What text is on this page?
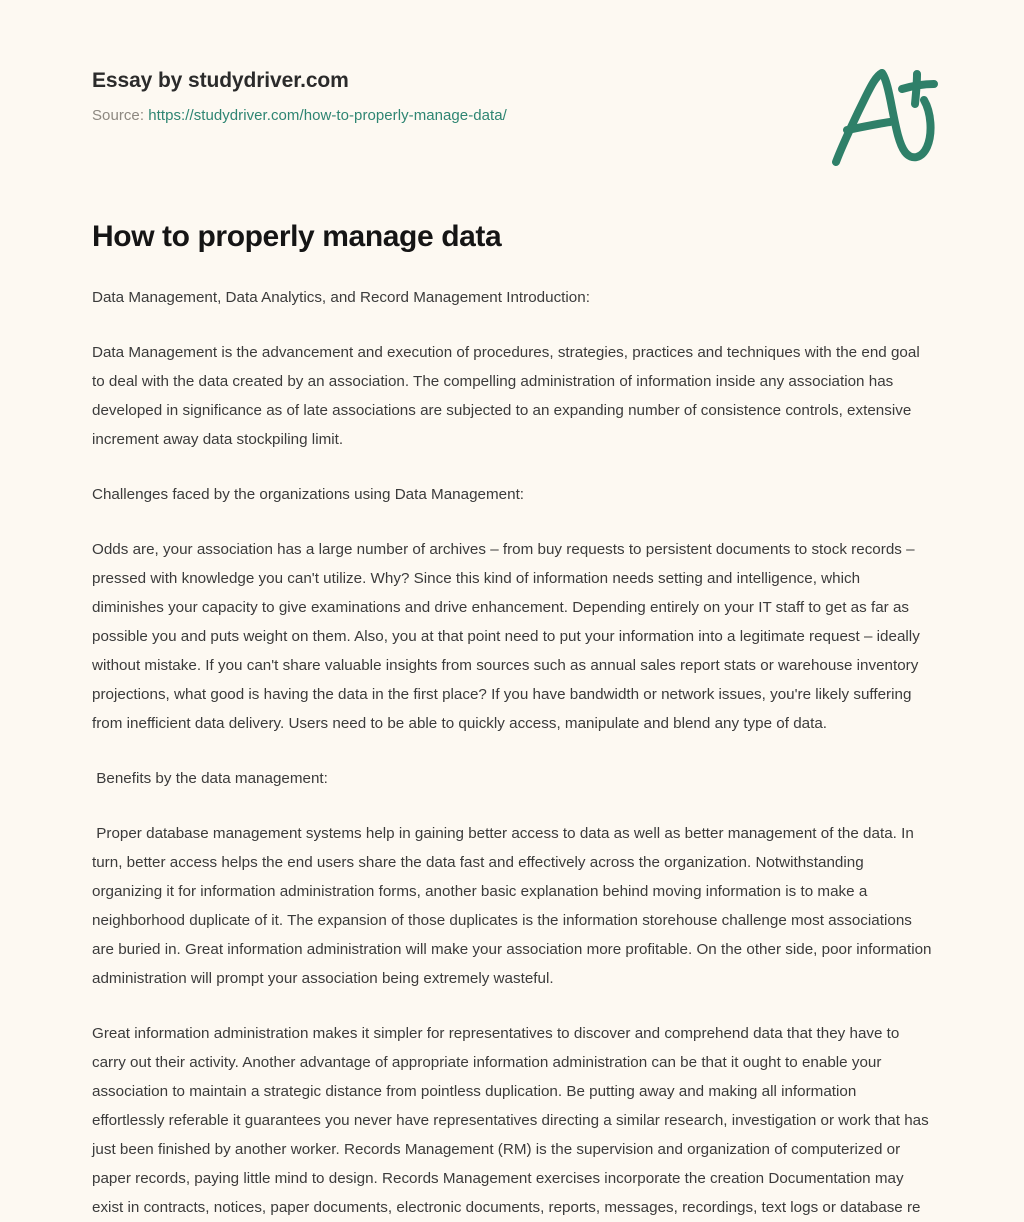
Essay by studydriver.com
Source: https://studydriver.com/how-to-properly-manage-data/
How to properly manage data

Data Management, Data Analytics, and Record Management Introduction:

Data Management is the advancement and execution of procedures, strategies, practices and techniques with the end goal to deal with the data created by an association. The compelling administration of information inside any association has developed in significance as of late associations are subjected to an expanding number of consistence controls, extensive increment away data stockpiling limit.

Challenges faced by the organizations using Data Management:

Odds are, your association has a large number of archives – from buy requests to persistent documents to stock records – pressed with knowledge you can't utilize. Why? Since this kind of information needs setting and intelligence, which diminishes your capacity to give examinations and drive enhancement. Depending entirely on your IT staff to get as far as possible you and puts weight on them. Also, you at that point need to put your information into a legitimate request – ideally without mistake. If you can't share valuable insights from sources such as annual sales report stats or warehouse inventory projections, what good is having the data in the first place? If you have bandwidth or network issues, you're likely suffering from inefficient data delivery. Users need to be able to quickly access, manipulate and blend any type of data.

Benefits by the data management:

Proper database management systems help in gaining better access to data as well as better management of the data. In turn, better access helps the end users share the data fast and effectively across the organization. Notwithstanding organizing it for information administration forms, another basic explanation behind moving information is to make a neighborhood duplicate of it. The expansion of those duplicates is the information storehouse challenge most associations are buried in. Great information administration will make your association more profitable. On the other side, poor information administration will prompt your association being extremely wasteful.

Great information administration makes it simpler for representatives to discover and comprehend data that they have to carry out their activity. Another advantage of appropriate information administration can be that it ought to enable your association to maintain a strategic distance from pointless duplication. Be putting away and making all information effortlessly referable it guarantees you never have representatives directing a similar research, investigation or work that has just been finished by another worker. Records Management (RM) is the supervision and organization of computerized or paper records, paying little mind to design. Records Management exercises incorporate the creation Documentation may exist in contracts, notices, paper documents, electronic documents, reports, messages, recordings, text logs or database re
